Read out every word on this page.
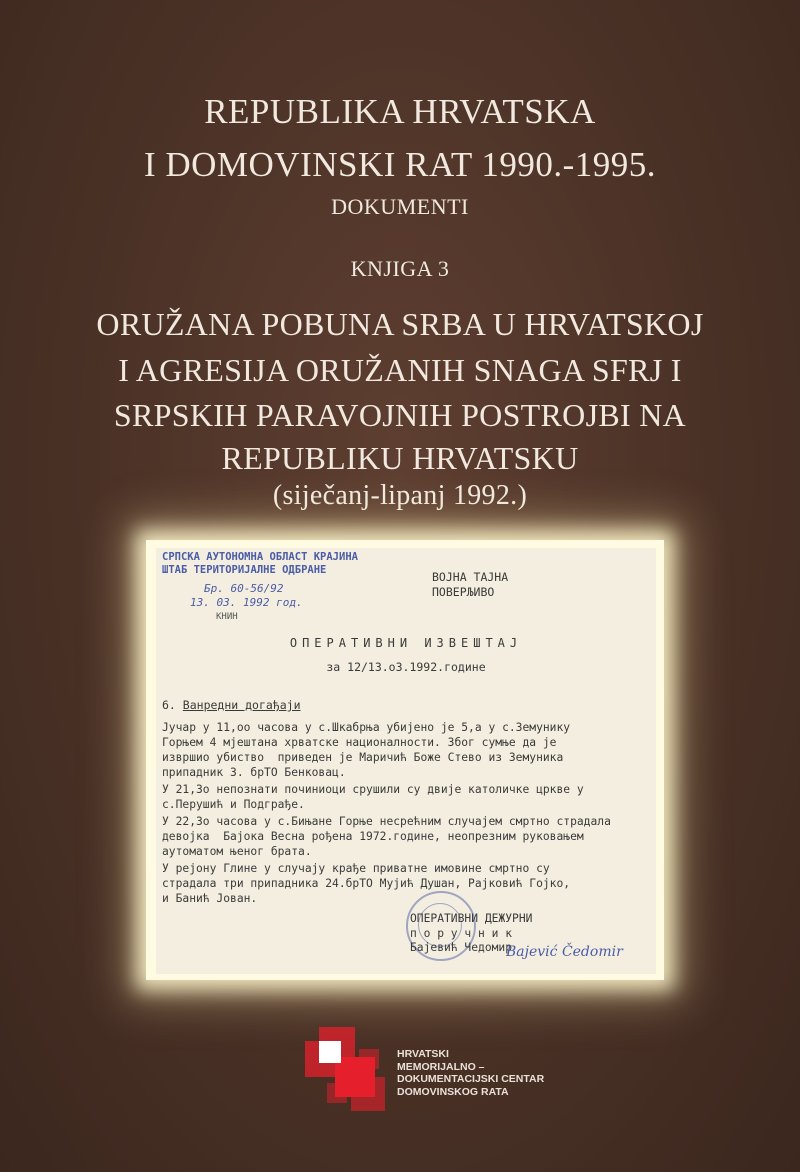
REPUBLIKA HRVATSKA
I DOMOVINSKI RAT 1990.-1995.
DOKUMENTI
KNJIGA 3
ORUŽANA POBUNA SRBA U HRVATSKOJ
I AGRESIJA ORUŽANIH SNAGA SFRJ I
SRPSKIH PARAVOJNIH POSTROJBI NA
REPUBLIKU HRVATSKU
(siječanj-lipanj 1992.)
СРПСКА АУТОНОМНА ОБЛАСТ КРАЈИНА
ШТАБ ТЕРИТОРИЈАЛНЕ ОДБРАНЕ
Бр. 60-56/92
13. 03. 1992 год.
КНИН
ВОЈНА ТАЈНА
ПОВЕРЉИВО
ОПЕРАТИВНИ ИЗВЕШТАЈ
за 12/13.о3.1992.године
6. Ванредни догађаји
Јучар у 11,оо часова у с.Шкабрња убијено је 5,а у с.Земунику
Горњем 4 мјештана хрватске националности. Због сумње да је
извршио убиство  приведен је Маричић Боже Стево из Земуника
припадник 3. брТО Бенковац.
У 21,3о непознати починиоци срушили су двије католичке цркве у
с.Перушић и Подграђе.
У 22,3о часова у с.Бињане Горње несрећним случајем смртно страдала
девојка  Бајока Весна рођена 1972.године, неопрезним руковањем
аутоматом њеног брата.
У рејону Глине у случају крађе приватне имовине смртно су
страдала три припадника 24.брТО Мујић Душан, Рајковић Гојко,
и Банић Јован.
ОПЕРАТИВНИ ДЕЖУРНИ
п о р у ч н и к
Бајевић Чедомир
Bajević Čedomir
HRVATSKI
MEMORIJALNO –
DOKUMENTACIJSKI CENTAR
DOMOVINSKOG RATA
